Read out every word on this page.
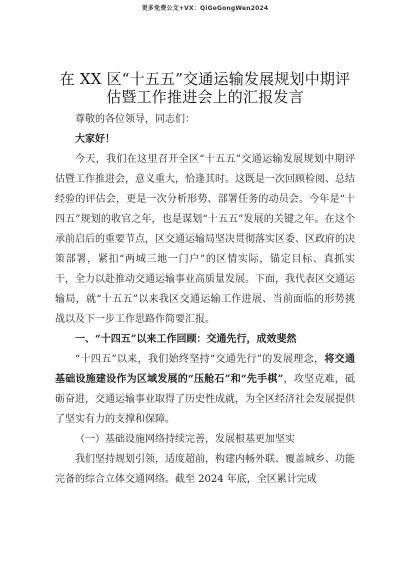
更多免费公文+VX：QiGeGongWen2024
在 XX 区“十五五”交通运输发展规划中期评
估暨工作推进会上的汇报发言

尊敬的各位领导，同志们：

大家好！

今天，我们在这里召开全区“十五五”交通运输发展规划中期评估暨工作推进会，意义重大，恰逢其时。这既是一次回顾检阅、总结经验的评估会，更是一次分析形势、部署任务的动员会。今年是“十四五”规划的收官之年，也是谋划“十五五”发展的关键之年。在这个承前启后的重要节点，区交通运输局坚决贯彻落实区委、区政府的决策部署，紧扣“两城三地一门户”的区情实际，锚定目标、真抓实干，全力以赴推动交通运输事业高质量发展。下面，我代表区交通运输局，就“十五五”以来我区交通运输工作进展、当前面临的形势挑战以及下一步工作思路作简要汇报。

一、“十四五”以来工作回顾：交通先行，成效斐然

“十四五”以来，我们始终坚持“交通先行”的发展理念，将交通基础设施建设作为区域发展的“压舱石”和“先手棋”，攻坚克难，砥砺奋进，交通运输事业取得了历史性成就，为全区经济社会发展提供了坚实有力的支撑和保障。

（一）基础设施网络持续完善，发展根基更加坚实

我们坚持规划引领，适度超前，构建内畅外联、覆盖城乡、功能完备的综合立体交通网络。截至 2024 年底，全区累计完成
